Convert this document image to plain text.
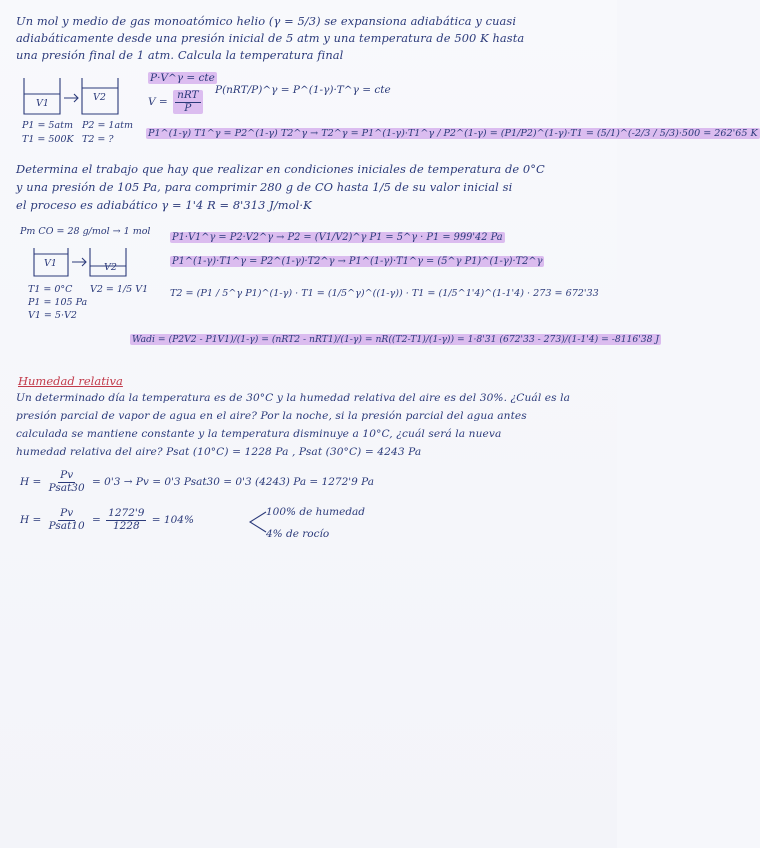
Un mol y medio de gas monoatómico helio (γ = 5/3) se expansiona adiabática y cuasi
adiabáticamente desde una presión inicial de 5 atm y una temperatura de 500 K hasta
una presión final de 1 atm. Calcula la temperatura final
V1
V2
P1 = 5atm
T1 = 500K
P2 = 1atm
T2 = ?
P·V^γ = cte
$V = \frac{\text{nRT}}{P}$ P(nRT/P)^γ = P^(1-γ)·T^γ = cte
P1^(1-γ) T1^γ = P2^(1-γ) T2^γ → T2^γ = P1^(1-γ)·T1^γ / P2^(1-γ) = (P1/P2)^(1-γ)·T1 = (5/1)^(-2/3 / 5/3)·500 = 262'65 K
Determina el trabajo que hay que realizar en condiciones iniciales de temperatura de 0°C
y una presión de 105 Pa, para comprimir 280 g de CO hasta 1/5 de su valor inicial si
el proceso es adiabático γ = 1'4 R = 8'313 J/mol·K
Pm CO = 28 g/mol → 1 mol
V1	V2
T1 = 0°C
P1 = 105 Pa
V1 = 5·V2
V2 = 1/5 V1
P1·V1^γ = P2·V2^γ → P2 = (V1/V2)^γ P1 = 5^γ · P1 = 999'42 Pa
P1^(1-γ)·T1^γ = P2^(1-γ)·T2^γ → P1^(1-γ)·T1^γ = (5^γ P1)^(1-γ)·T2^γ
T2 = (P1 / 5^γ P1)^(1-γ) · T1 = (1/5^γ)^((1-γ)) · T1 = (1/5^1'4)^(1-1'4) · 273 = 672'33
Wadi = (P2V2 - P1V1)/(1-γ) = (nRT2 - nRT1)/(1-γ) = nR((T2-T1)/(1-γ)) = 1·8'31 (672'33 - 273)/(1-1'4) = -8116'38 J
Humedad relativa
Un determinado día la temperatura es de 30°C y la humedad relativa del aire es del 30%. ¿Cuál es la
presión parcial de vapor de agua en el aire? Por la noche, si la presión parcial del agua antes
calculada se mantiene constante y la temperatura disminuye a 10°C, ¿cuál será la nueva
humedad relativa del aire? Psat (10°C) = 1228 Pa , Psat (30°C) = 4243 Pa
$H = \frac{Pv}{\text{Psat30}} = 0'3 \to Pv = 0'3$ Psat30 = 0'3 (4243) Pa = 1272'9 Pa
$H = \frac{Pv}{\text{Psat10}} = \frac{1272'9}{1228} = 104\%$
100% de humedad
4% de rocío
